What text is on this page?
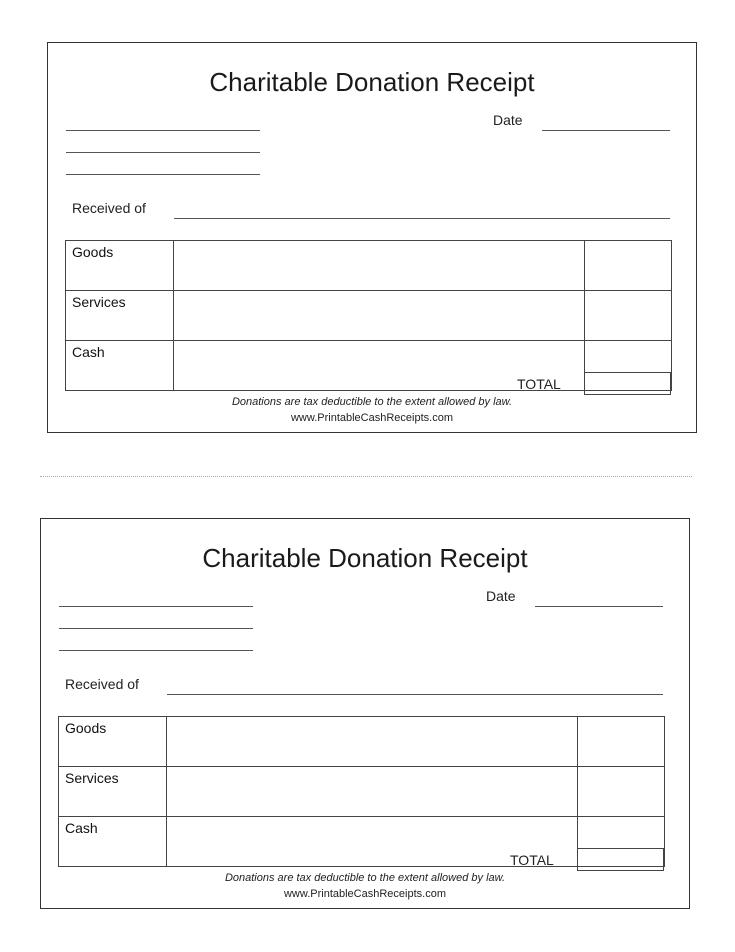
Charitable Donation Receipt
Date
Received of
Goods		
Services		
Cash		
TOTAL
Donations are tax deductible to the extent allowed by law.
www.PrintableCashReceipts.com
Charitable Donation Receipt
Date
Received of
Goods		
Services		
Cash		
TOTAL
Donations are tax deductible to the extent allowed by law.
www.PrintableCashReceipts.com
